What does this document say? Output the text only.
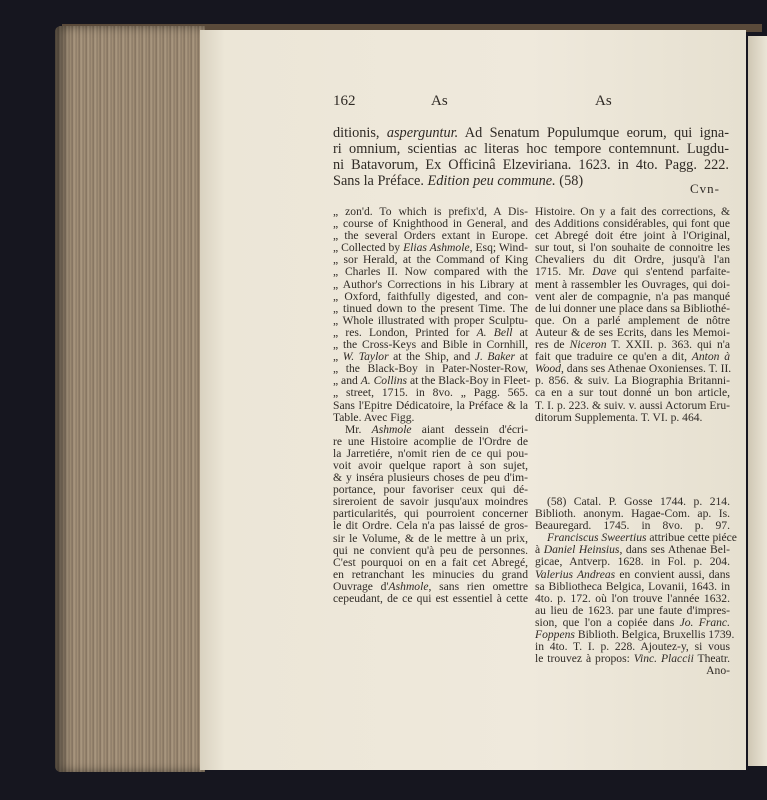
162	As	As
ditionis, asperguntur. Ad Senatum Populumque eorum, qui igna-
ri omnium, scientias ac literas hoc tempore contemnunt. Lugdu-
ni Batavorum, Ex Officinâ Elzeviriana. 1623. in 4to. Pagg. 222.
Sans la Préface. Edition peu commune. (58)	Cvn-
„ zon'd. To which is prefix'd, A Dis-
„ course of Knighthood in General, and
„ the several Orders extant in Europe.
„ Collected by Elias Ashmole, Esq; Wind-
„ sor Herald, at the Command of King
„ Charles II. Now compared with the
„ Author's Corrections in his Library at
„ Oxford, faithfully digested, and con-
„ tinued down to the present Time. The
„ Whole illustrated with proper Sculptu-
„ res. London, Printed for A. Bell at
„ the Cross-Keys and Bible in Cornhill,
„ W. Taylor at the Ship, and J. Baker at
„ the Black-Boy in Pater-Noster-Row,
„ and A. Collins at the Black-Boy in Fleet-
„ street, 1715. in 8vo. „ Pagg. 565.
Sans l'Epitre Dédicatoire, la Préface & la
Table. Avec Figg.
Mr. Ashmole aiant dessein d'écri-
re une Histoire acomplie de l'Ordre de
la Jarretiére, n'omit rien de ce qui pou-
voit avoir quelque raport à son sujet,
& y inséra plusieurs choses de peu d'im-
portance, pour favoriser ceux qui dé-
sireroient de savoir jusqu'aux moindres
particularités, qui pourroient concerner
le dit Ordre. Cela n'a pas laissé de gros-
sir le Volume, & de le mettre à un prix,
qui ne convient qu'à peu de personnes.
C'est pourquoi on en a fait cet Abregé,
en retranchant les minucies du grand
Ouvrage d'Ashmole, sans rien omettre
cepeudant, de ce qui est essentiel à cette
Histoire. On y a fait des corrections, &
des Additions considérables, qui font que
cet Abregé doit étre joint à l'Original,
sur tout, si l'on souhaite de connoitre les
Chevaliers du dit Ordre, jusqu'à l'an
1715. Mr. Dave qui s'entend parfaite-
ment à rassembler les Ouvrages, qui doi-
vent aler de compagnie, n'a pas manqué
de lui donner une place dans sa Bibliothé-
que. On a parlé amplement de nôtre
Auteur & de ses Ecrits, dans les Memoi-
res de Niceron T. XXII. p. 363. qui n'a
fait que traduire ce qu'en a dit, Anton à
Wood, dans ses Athenae Oxonienses. T. II.
p. 856. & suiv. La Biographia Britanni-
ca en a sur tout donné un bon article,
T. I. p. 223. & suiv. v. aussi Actorum Eru-
ditorum Supplementa. T. VI. p. 464.
(58) Catal. P. Gosse 1744. p. 214.
Biblioth. anonym. Hagae-Com. ap. Is.
Beauregard. 1745. in 8vo. p. 97.
Franciscus Sweertius attribue cette piéce
à Daniel Heinsius, dans ses Athenae Bel-
gicae, Antverp. 1628. in Fol. p. 204.
Valerius Andreas en convient aussi, dans
sa Bibliotheca Belgica, Lovanii, 1643. in
4to. p. 172. où l'on trouve l'année 1632.
au lieu de 1623. par une faute d'impres-
sion, que l'on a copiée dans Jo. Franc.
Foppens Biblioth. Belgica, Bruxellis 1739.
in 4to. T. I. p. 228. Ajoutez-y, si vous
le trouvez à propos: Vinc. Placcii Theatr.
Ano-
